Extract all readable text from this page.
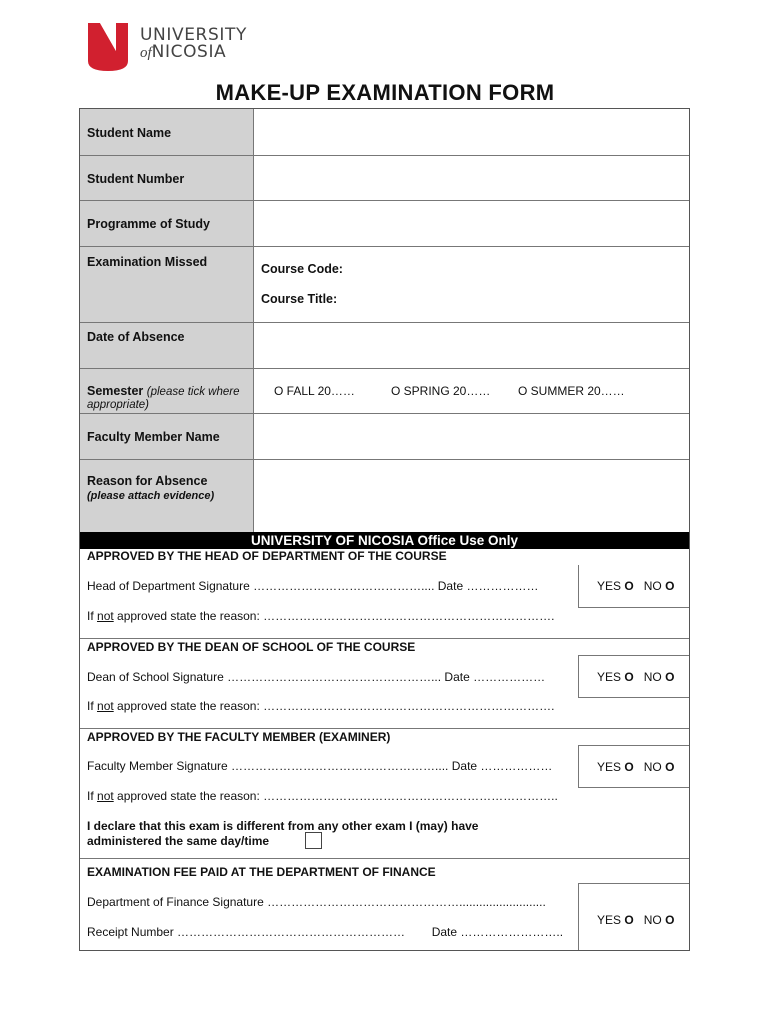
UNIVERSITY
ofNICOSIA
MAKE-UP EXAMINATION FORM
Student Name
Student Number
Programme of Study
Examination Missed	Course Code:
Course Title:
Date of Absence
Semester (please tick where
appropriate)
O FALL 20……	O SPRING 20…… O SUMMER 20……
Faculty Member Name
Reason for Absence
(please attach evidence)
UNIVERSITY OF NICOSIA Office Use Only
APPROVED BY THE HEAD OF DEPARTMENT OF THE COURSE
Head of Department Signature …………………………………….... Date ………………
If not approved state the reason: ……………………………………………………………….
YES O NO O
APPROVED BY THE DEAN OF SCHOOL OF THE COURSE
Dean of School Signature ……………………………………………... Date ………………
If not approved state the reason: ……………………………………………………………….
YES O NO O
APPROVED BY THE FACULTY MEMBER (EXAMINER)
Faculty Member Signature …………………………………………….... Date ………………
If not approved state the reason: ………………………………………………………………..
YES O NO O
I declare that this exam is different from any other exam I (may) have
administered the same day/time
EXAMINATION FEE PAID AT THE DEPARTMENT OF FINANCE
Department of Finance Signature …………………………………………..........................
Receipt Number …………………………………………………        Date ……………………..
YES O NO O
